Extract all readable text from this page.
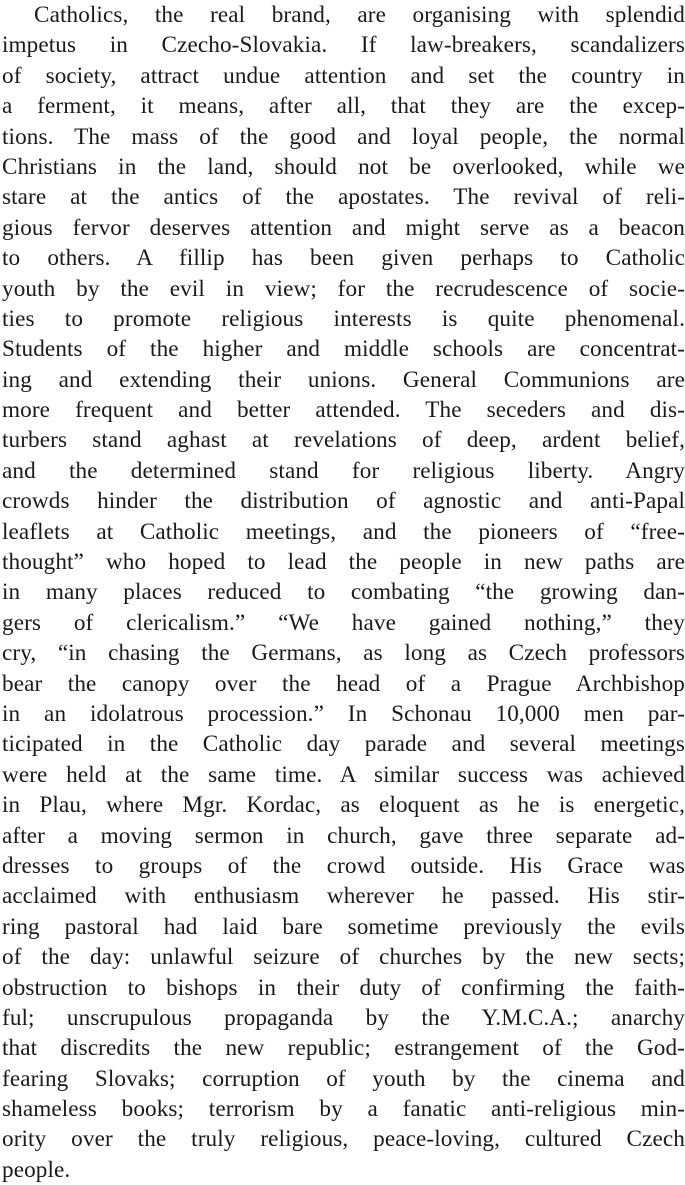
Catholics, the real brand, are organising with splendid
impetus in Czecho-Slovakia. If law-breakers, scandalizers
of society, attract undue attention and set the country in
a ferment, it means, after all, that they are the excep-
tions. The mass of the good and loyal people, the normal
Christians in the land, should not be overlooked, while we
stare at the antics of the apostates. The revival of reli-
gious fervor deserves attention and might serve as a beacon
to others. A fillip has been given perhaps to Catholic
youth by the evil in view; for the recrudescence of socie-
ties to promote religious interests is quite phenomenal.
Students of the higher and middle schools are concentrat-
ing and extending their unions. General Communions are
more frequent and better attended. The seceders and dis-
turbers stand aghast at revelations of deep, ardent belief,
and the determined stand for religious liberty. Angry
crowds hinder the distribution of agnostic and anti-Papal
leaflets at Catholic meetings, and the pioneers of “free-
thought” who hoped to lead the people in new paths are
in many places reduced to combating “the growing dan-
gers of clericalism.” “We have gained nothing,” they
cry, “in chasing the Germans, as long as Czech professors
bear the canopy over the head of a Prague Archbishop
in an idolatrous procession.” In Schonau 10,000 men par-
ticipated in the Catholic day parade and several meetings
were held at the same time. A similar success was achieved
in Plau, where Mgr. Kordac, as eloquent as he is energetic,
after a moving sermon in church, gave three separate ad-
dresses to groups of the crowd outside. His Grace was
acclaimed with enthusiasm wherever he passed. His stir-
ring pastoral had laid bare sometime previously the evils
of the day: unlawful seizure of churches by the new sects;
obstruction to bishops in their duty of confirming the faith-
ful; unscrupulous propaganda by the Y.M.C.A.; anarchy
that discredits the new republic; estrangement of the God-
fearing Slovaks; corruption of youth by the cinema and
shameless books; terrorism by a fanatic anti-religious min-
ority over the truly religious, peace-loving, cultured Czech
people.
